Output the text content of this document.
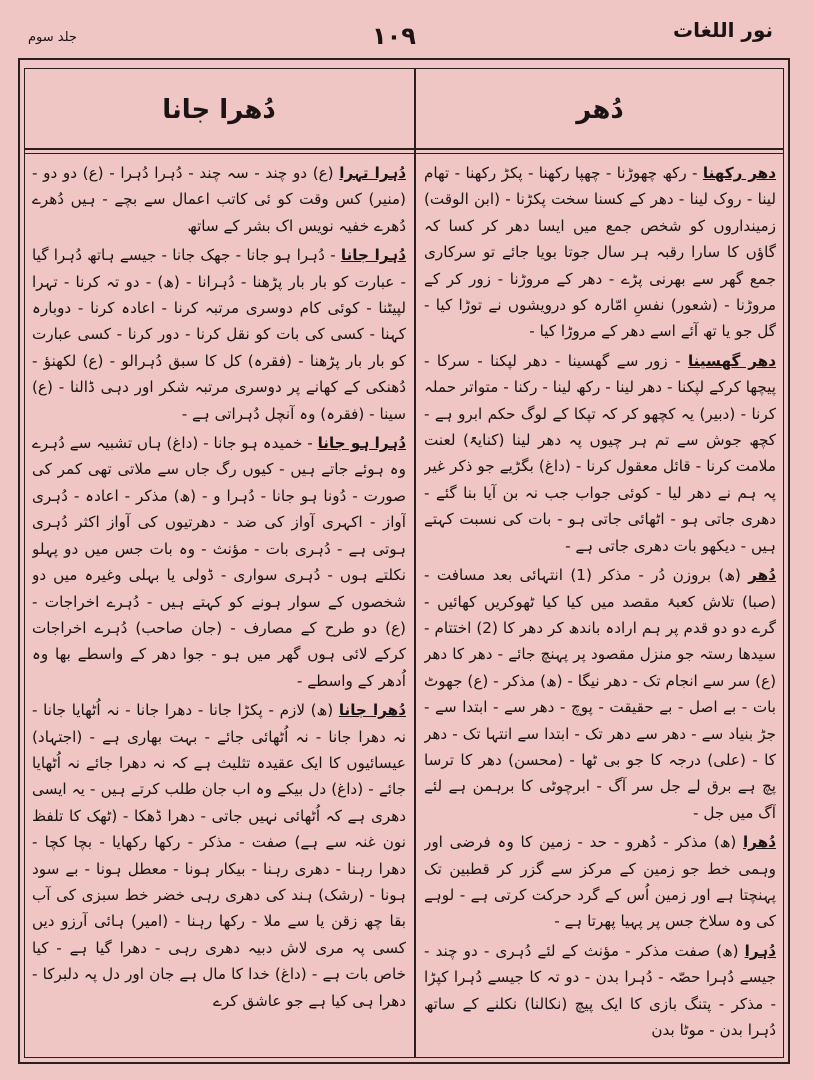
نور اللغات
۱۰۹
جلد سوم
دُھر
دُھرا جانا

دھر رکھنا - رکھ چھوڑنا - چھپا رکھنا - پکڑ رکھنا - تھام لینا - روک لینا - دھر کے کسنا سخت پکڑنا - (ابن الوقت) زمینداروں کو شخص جمع میں ایسا دھر کر کسا کہ گاؤں کا سارا رقبہ ہر سال جوتا بویا جائے تو سرکاری جمع گھر سے بھرنی پڑے - دھر کے مروڑنا - زور کر کے مروڑنا - (شعور) نفسِ امّارہ کو درویشوں نے توڑا کیا - گل جو یا تھ آئے اسے دھر کے مروڑا کیا -

دھر گھسینا - زور سے گھسینا - دھر لپکنا - سرکا - پیچھا کرکے لپکنا - دھر لینا - رکھ لینا - رکنا - متواتر حملہ کرنا - (دبیر) یہ کچھو کر کہ تپکا کے لوگ حکم ابرو ہے - کچھ جوش سے تم ہر چیوں پہ دھر لینا (کنایۃً) لعنت ملامت کرنا - قائل معقول کرنا - (داغ) بگڑیے جو ذکر غیر پہ ہم نے دھر لیا - کوئی جواب جب نہ بن آیا بنا گئے - دھری جاتی ہو - اٹھائی جاتی ہو - بات کی نسبت کہتے ہیں - دیکھو بات دھری جاتی ہے -

دُھر (ھ) بروزن دُر - مذکر (1) انتہائی بعد مسافت - (صبا) تلاش کعبۂ مقصد میں کیا کیا ٹھوکریں کھائیں - گرے دو دو قدم پر ہم ارادہ باندھ کر دھر کا (2) اختتام - سیدھا رستہ جو منزل مقصود پر پہنچ جائے - دھر کا دھر (ع) سر سے انجام تک - دھر نیگا - (ھ) مذکر - (ع) جھوٹ بات - بے اصل - بے حقیقت - پوچ - دھر سے - ابتدا سے - جڑ بنیاد سے - دھر سے دھر تک - ابتدا سے انتہا تک - دھر کا - (علی) درجہ کا جو بی ٹھا - (محسن) دھر کا ترسا پچ ہے برق لے جل سر آگ - ابرچوٹی کا برہمن ہے لئے آگ میں جل -

دُھرا (ھ) مذکر - دُھرو - حد - زمین کا وہ فرضی اور وہمی خط جو زمین کے مرکز سے گزر کر قطبین تک پہنچتا ہے اور زمین اُس کے گرد حرکت کرتی ہے - لوہے کی وہ سلاخ جس پر پہیا پھرتا ہے -

دُہرا (ھ) صفت مذکر - مؤنث کے لئے دُہری - دو چند - جیسے دُہرا حصّہ - دُہرا بدن - دو تہ کا جیسے دُہرا کپڑا - مذکر - پتنگ بازی کا ایک پیچ (نکالنا) نکلنے کے ساتھ دُہرا بدن - موٹا بدن

دُہرا تہرا (ع) دو چند - سہ چند - دُہرا دُہرا - (ع) دو دو - (منیر) کس وقت کو ئی کاتب اعمال سے بچے - ہیں دُھرے دُھرے خفیہ نویس اک بشر کے ساتھ

دُہرا جانا - دُہرا ہو جانا - جھک جانا - جیسے ہاتھ دُہرا گیا - عبارت کو بار بار پڑھنا - دُہرانا - (ھ) - دو تہ کرنا - تہرا لپیٹنا - کوئی کام دوسری مرتبہ کرنا - اعادہ کرنا - دوبارہ کہنا - کسی کی بات کو نقل کرنا - دور کرنا - کسی عبارت کو بار بار پڑھنا - (فقرہ) کل کا سبق دُہرالو - (ع) لکھنؤ - دُھنکی کے کھانے پر دوسری مرتبہ شکر اور دہی ڈالنا - (ع) سینا - (فقرہ) وہ آنچل دُہراتی ہے -

دُہرا ہو جانا - خمیدہ ہو جانا - (داغ) ہاں تشبیہ سے دُہرے وہ ہوئے جاتے ہیں - کیوں رگ جاں سے ملاتی تھی کمر کی صورت - دُونا ہو جانا - دُہرا و - (ھ) مذکر - اعادہ - دُہری آواز - اکہری آواز کی ضد - دھرتیوں کی آواز اکثر دُہری ہوتی ہے - دُہری بات - مؤنث - وہ بات جس میں دو پہلو نکلتے ہوں - دُہری سواری - ڈولی یا بہلی وغیرہ میں دو شخصوں کے سوار ہونے کو کہتے ہیں - دُہرے اخراجات - (ع) دو طرح کے مصارف - (جان صاحب) دُہرے اخراجات کرکے لائی ہوں گھر میں ہو - جوا دھر کے واسطے بھا وہ اُدھر کے واسطے -

دُھرا جانا (ھ) لازم - پکڑا جانا - دھرا جانا - نہ اُٹھایا جانا - نہ دھرا جانا - نہ اُٹھائی جائے - بہت بھاری ہے - (اجتہاد) عیسائیوں کا ایک عقیدہ تثلیث ہے کہ نہ دھرا جائے نہ اُٹھایا جائے - (داغ) دل بیکے وہ اب جان طلب کرتے ہیں - یہ ایسی دھری ہے کہ اُٹھائی نہیں جاتی - دھرا ڈھکا - (ٹھک کا تلفظ نون غنہ سے ہے) صفت - مذکر - رکھا رکھایا - بچا کچا - دھرا رہنا - دھری رہنا - بیکار ہونا - معطل ہونا - بے سود ہونا - (رشک) ہند کی دھری رہی خضر خط سبزی کی آب بقا چھ زقن یا سے ملا - رکھا رہنا - (امیر) ہائی آرزو دیں کسی پہ مری لاش دبیہ دھری رہی - دھرا گیا ہے - کیا خاص بات ہے - (داغ) خدا کا مال ہے جان اور دل پہ دلبرکا - دھرا ہی کیا ہے جو عاشق کرے
